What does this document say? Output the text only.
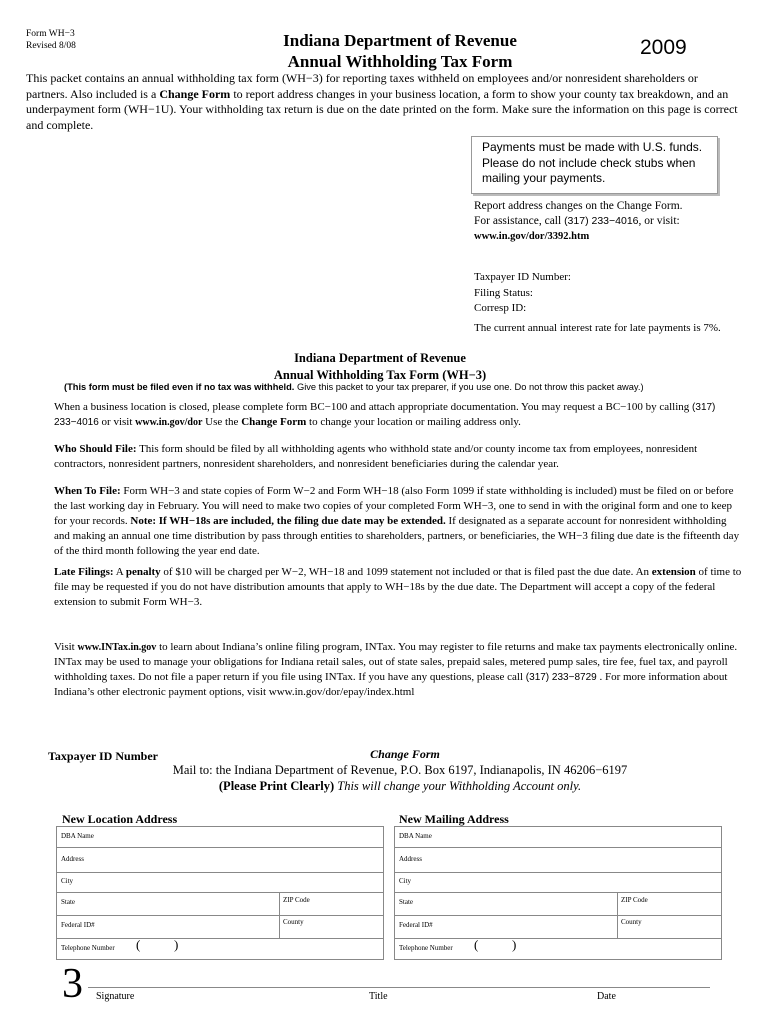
Form WH−3
Revised 8/08	Indiana Department of Revenue
Annual Withholding Tax Form
2009
This packet contains an annual withholding tax form (WH−3) for reporting taxes withheld on employees and/or nonresident shareholders or partners. Also included is a Change Form to report address changes in your business location, a form to show your county tax breakdown, and an underpayment form (WH−1U). Your withholding tax return is due on the date printed on the form. Make sure the information on this page is correct and complete.
Payments must be made with U.S. funds. Please do not include check stubs when mailing your payments.
Report address changes on the Change Form.
For assistance, call (317) 233−4016, or visit:
www.in.gov/dor/3392.htm
Taxpayer ID Number:
Filing Status:
Corresp ID:
The current annual interest rate for late payments is 7%.
Indiana Department of Revenue
Annual Withholding Tax Form (WH−3)
(This form must be filed even if no tax was withheld. Give this packet to your tax preparer, if you use one. Do not throw this packet away.)
When a business location is closed, please complete form BC−100 and attach appropriate documentation. You may request a BC−100 by calling (317) 233−4016 or visit www.in.gov/dor Use the Change Form to change your location or mailing address only.
Who Should File: This form should be filed by all withholding agents who withhold state and/or county income tax from employees, nonresident contractors, nonresident partners, nonresident shareholders, and nonresident beneficiaries during the calendar year.
When To File: Form WH−3 and state copies of Form W−2 and Form WH−18 (also Form 1099 if state withholding is included) must be filed on or before the last working day in February. You will need to make two copies of your completed Form WH−3, one to send in with the original form and one to keep for your records. Note: If WH−18s are included, the filing due date may be extended. If designated as a separate account for nonresident withholding and making an annual one time distribution by pass through entities to shareholders, partners, or beneficiaries, the WH−3 filing due date is the fifteenth day of the third month following the year end date.
Late Filings: A penalty of $10 will be charged per W−2, WH−18 and 1099 statement not included or that is filed past the due date. An extension of time to file may be requested if you do not have distribution amounts that apply to WH−18s by the due date. The Department will accept a copy of the federal extension to submit Form WH−3.
Visit www.INTax.in.gov to learn about Indiana’s online filing program, INTax. You may register to file returns and make tax payments electronically online. INTax may be used to manage your obligations for Indiana retail sales, out of state sales, prepaid sales, metered pump sales, tire fee, fuel tax, and payroll withholding taxes. Do not file a paper return if you file using INTax. If you have any questions, please call (317) 233−8729 . For more information about Indiana’s other electronic payment options, visit www.in.gov/dor/epay/index.html
Taxpayer ID Number	Change Form
Mail to: the Indiana Department of Revenue, P.O. Box 6197, Indianapolis, IN 46206−6197
(Please Print Clearly) This will change your Withholding Account only.
New Location Address	New Mailing Address
DBA Name
Address
City
State	ZIP Code
Federal ID#	County
Telephone Number (	)
DBA Name
Address
City
State	ZIP Code
Federal ID#	County
Telephone Number (	)
3 Signature	Title	Date
